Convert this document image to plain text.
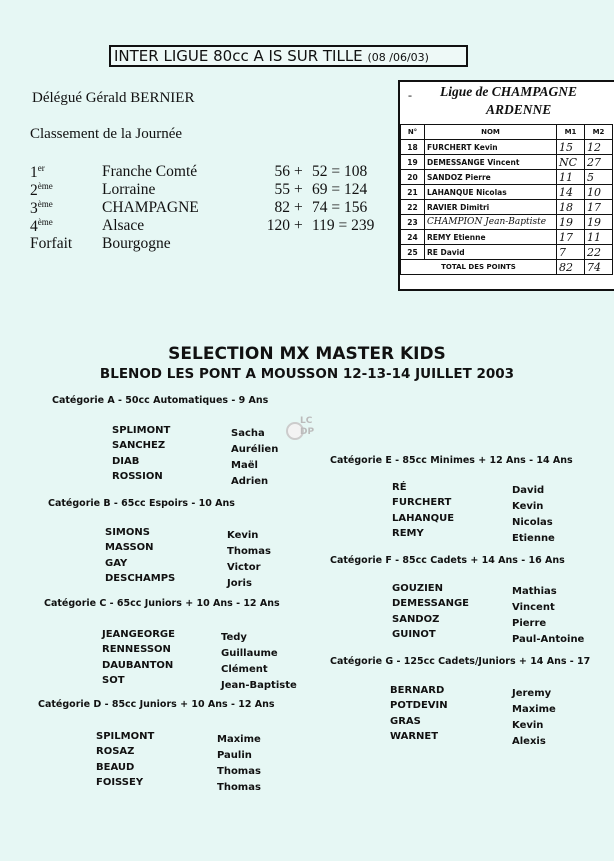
INTER LIGUE 80cc A IS SUR TILLE (08 /06/03)
Délégué Gérald BERNIER
Classement de la Journée
1er	Franche Comté	56 + 52 = 108
2ème	Lorraine	55 + 69 = 124
3ème	CHAMPAGNE	82 + 74 = 156
4ème	Alsace	120 + 119 = 239
Forfait Bourgogne
- Ligue de CHAMPAGNE
ARDENNE
N°	NOM	M1	M2
18	FURCHERT Kevin	15	12
19	DEMESSANGE Vincent	NC	27
20	SANDOZ Pierre	11	5
21	LAHANQUE Nicolas	14	10
22	RAVIER Dimitri	18	17
23	CHAMPION Jean-Baptiste	19	19
24	REMY Etienne	17	11
25	RE David	7	22
TOTAL DES POINTS		82	74
SELECTION MX MASTER KIDS
BLENOD LES PONT A MOUSSON 12-13-14 JUILLET 2003
LC
DP
Catégorie A - 50cc Automatiques - 9 Ans
SPLIMONT	Sacha
SANCHEZ	Aurélien
DIAB	Maël
ROSSION	Adrien
Catégorie B - 65cc Espoirs - 10 Ans
SIMONS	Kevin
MASSON	Thomas
GAY	Victor
DESCHAMPS	Joris
Catégorie C - 65cc Juniors + 10 Ans - 12 Ans
JEANGEORGE	Tedy
RENNESSON	Guillaume
DAUBANTON	Clément
SOT	Jean-Baptiste
Catégorie D - 85cc Juniors + 10 Ans - 12 Ans
SPILMONT	Maxime
ROSAZ	Paulin
BEAUD	Thomas
FOISSEY	Thomas
Catégorie E - 85cc Minimes + 12 Ans - 14 Ans
RÉ	David
FURCHERT	Kevin
LAHANQUE	Nicolas
REMY	Etienne
Catégorie F - 85cc Cadets + 14 Ans - 16 Ans
GOUZIEN	Mathias
DEMESSANGE	Vincent
SANDOZ	Pierre
GUINOT	Paul-Antoine
Catégorie G - 125cc Cadets/Juniors + 14 Ans - 17
BERNARD	Jeremy
POTDEVIN	Maxime
GRAS	Kevin
WARNET	Alexis
